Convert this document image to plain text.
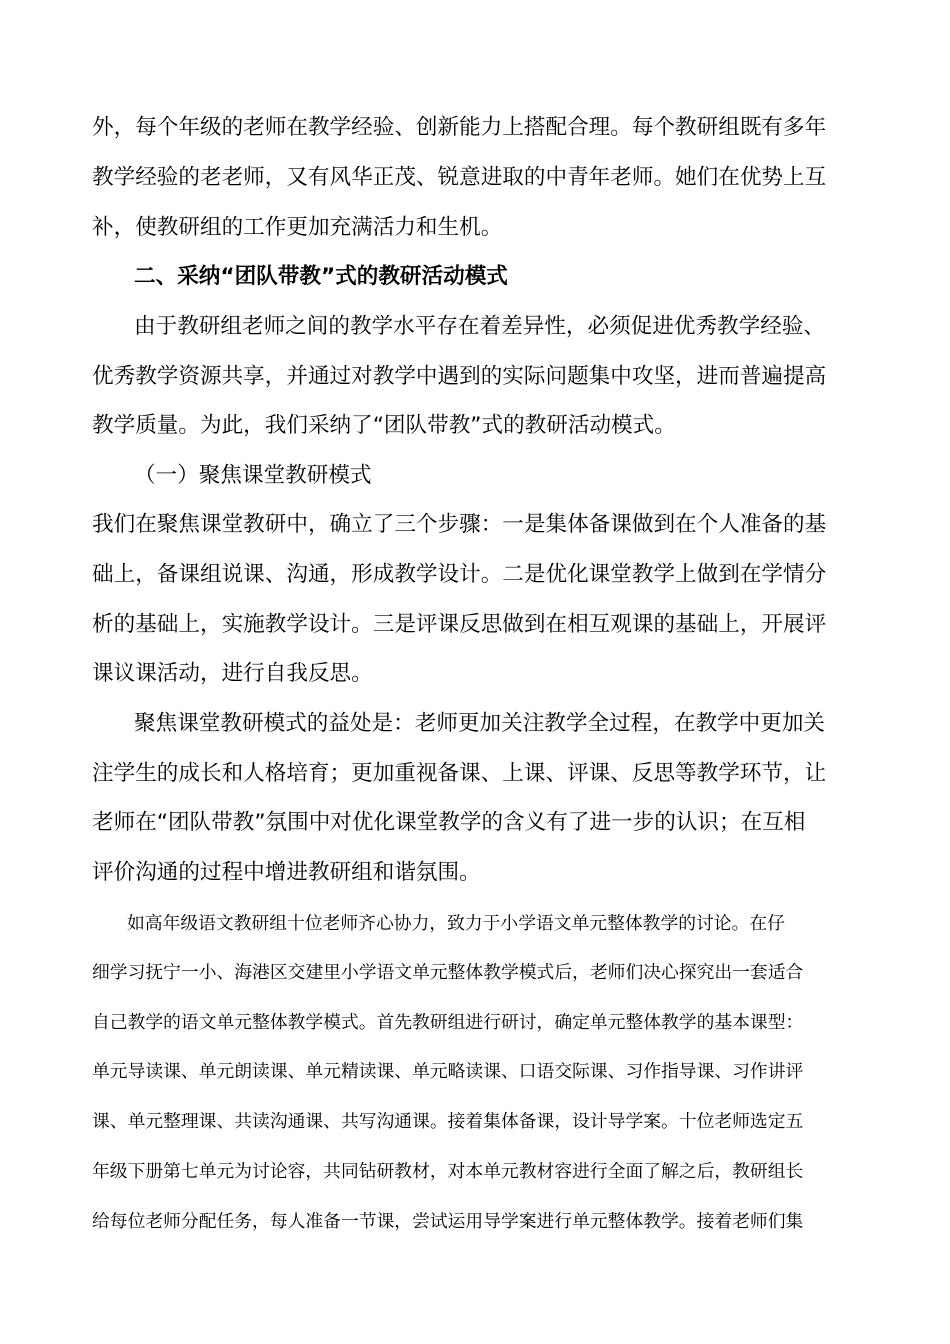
外，每个年级的老师在教学经验、创新能力上搭配合理。每个教研组既有多年
教学经验的老老师，又有风华正茂、锐意进取的中青年老师。她们在优势上互
补，使教研组的工作更加充满活力和生机。
二、采纳“团队带教”式的教研活动模式
由于教研组老师之间的教学水平存在着差异性，必须促进优秀教学经验、
优秀教学资源共享，并通过对教学中遇到的实际问题集中攻坚，进而普遍提高
教学质量。为此，我们采纳了“团队带教”式的教研活动模式。
（一）聚焦课堂教研模式
我们在聚焦课堂教研中，确立了三个步骤：一是集体备课做到在个人准备的基
础上，备课组说课、沟通，形成教学设计。二是优化课堂教学上做到在学情分
析的基础上，实施教学设计。三是评课反思做到在相互观课的基础上，开展评
课议课活动，进行自我反思。
聚焦课堂教研模式的益处是：老师更加关注教学全过程，在教学中更加关
注学生的成长和人格培育；更加重视备课、上课、评课、反思等教学环节，让
老师在“团队带教”氛围中对优化课堂教学的含义有了进一步的认识；在互相
评价沟通的过程中增进教研组和谐氛围。
如高年级语文教研组十位老师齐心协力，致力于小学语文单元整体教学的讨论。在仔
细学习抚宁一小、海港区交建里小学语文单元整体教学模式后，老师们决心探究出一套适合
自己教学的语文单元整体教学模式。首先教研组进行研讨，确定单元整体教学的基本课型：
单元导读课、单元朗读课、单元精读课、单元略读课、口语交际课、习作指导课、习作讲评
课、单元整理课、共读沟通课、共写沟通课。接着集体备课，设计导学案。十位老师选定五
年级下册第七单元为讨论容，共同钻研教材，对本单元教材容进行全面了解之后，教研组长
给每位老师分配任务，每人准备一节课，尝试运用导学案进行单元整体教学。接着老师们集
